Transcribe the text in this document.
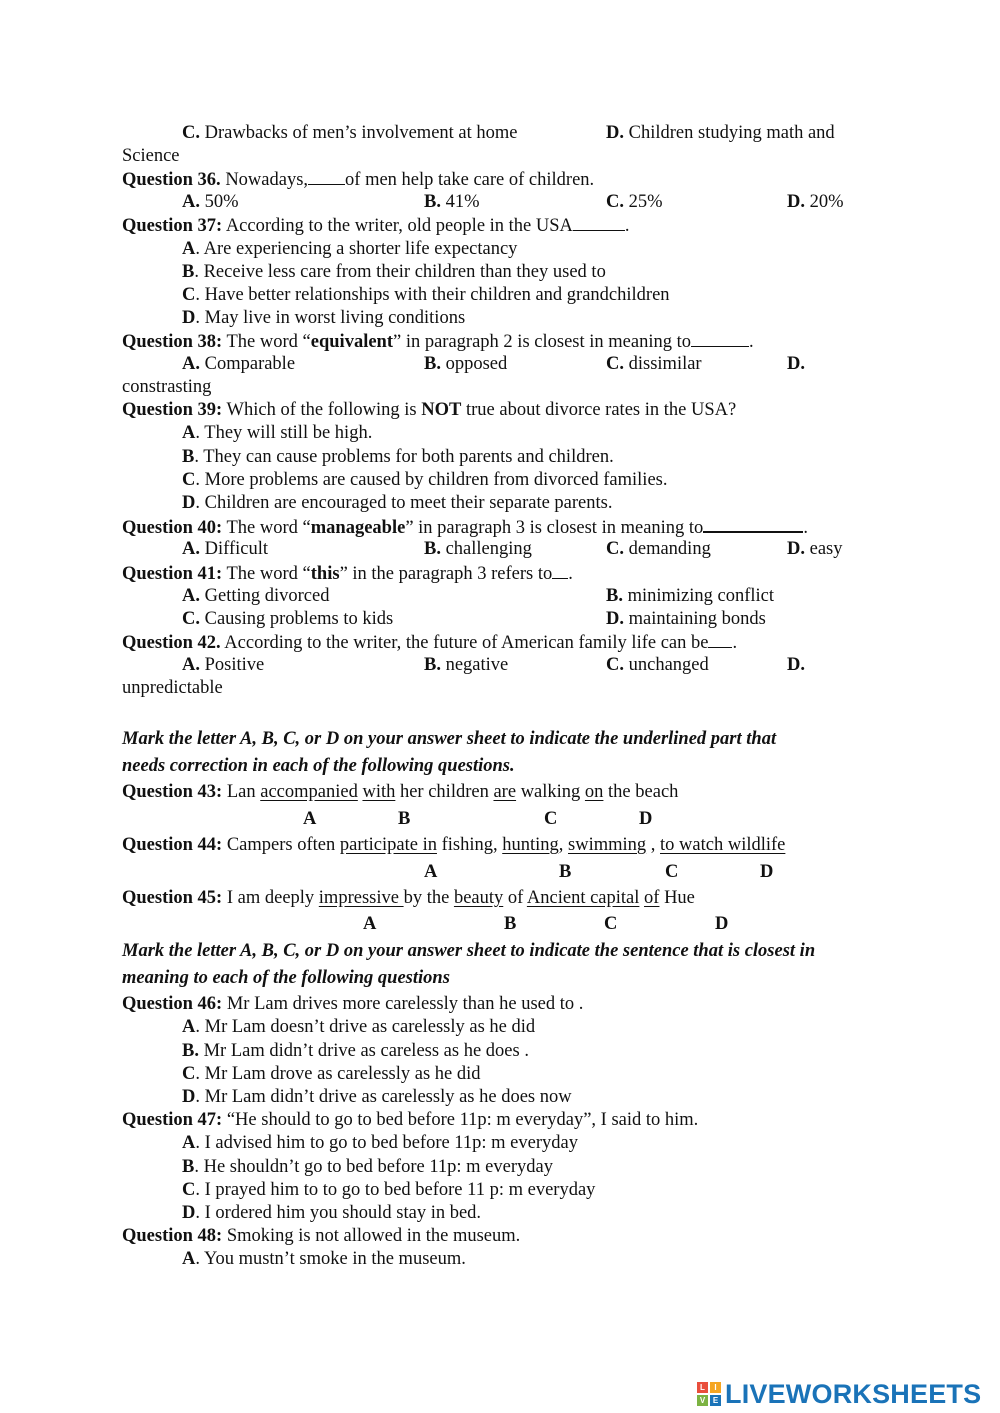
C. Drawbacks of men’s involvement at home	D. Children studying math and
Science
Question 36. Nowadays, of men help take care of children.
A. 50%	B. 41%	C. 25%	D. 20%
Question 37: According to the writer, old people in the USA	.
A. Are experiencing a shorter life expectancy
B. Receive less care from their children than they used to
C. Have better relationships with their children and grandchildren
D. May live in worst living conditions
Question 38: The word “equivalent” in paragraph 2 is closest in meaning to	.
A. Comparable	B. opposed	C. dissimilar	D.
constrasting
Question 39: Which of the following is NOT true about divorce rates in the USA?
A. They will still be high.
B. They can cause problems for both parents and children.
C. More problems are caused by children from divorced families.
D. Children are encouraged to meet their separate parents.
Question 40: The word “manageable” in paragraph 3 is closest in meaning to	.
A. Difficult	B. challenging	C. demanding	D. easy
Question 41: The word “this” in the paragraph 3 refers to .
A. Getting divorced	B. minimizing conflict
C. Causing problems to kids	D. maintaining bonds
Question 42. According to the writer, the future of American family life can be .
A. Positive	B. negative	C. unchanged	D.
unpredictable
Mark the letter A, B, C, or D on your answer sheet to indicate the underlined part that
needs correction in each of the following questions.
Question 43: Lan accompanied with her children are walking on the beach
A	B	C	D
Question 44: Campers often participate in fishing, hunting, swimming , to watch wildlife
A	B	C	D
Question 45: I am deeply impressive by the beauty of Ancient capital of Hue
A	B	C	D
Mark the letter A, B, C, or D on your answer sheet to indicate the sentence that is closest in
meaning to each of the following questions
Question 46: Mr Lam drives more carelessly than he used to .
A. Mr Lam doesn’t drive as carelessly as he did
B. Mr Lam didn’t drive as careless as he does .
C. Mr Lam drove as carelessly as he did
D. Mr Lam didn’t drive as carelessly as he does now
Question 47: “He should to go to bed before 11p: m everyday”, I said to him.
A. I advised him to go to bed before 11p: m everyday
B. He shouldn’t go to bed before 11p: m everyday
C. I prayed him to to go to bed before 11 p: m everyday
D. I ordered him you should stay in bed.
Question 48: Smoking is not allowed in the museum.
A. You mustn’t smoke in the museum.
L	I
V E LIVEWORKSHEETS
